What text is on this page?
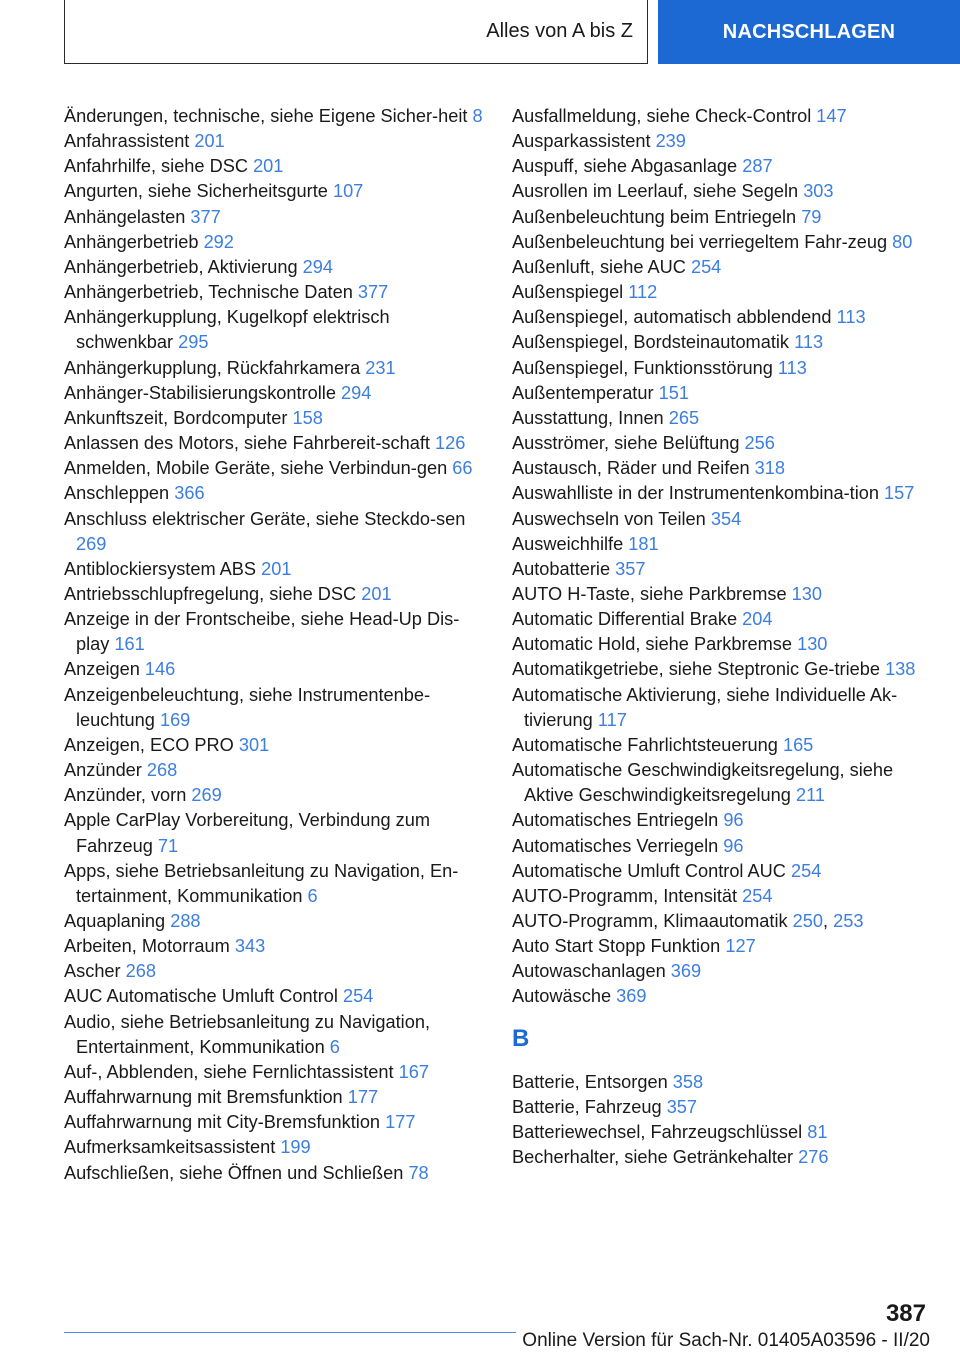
Alles von A bis Z	NACHSCHLAGEN
Änderungen, technische, siehe Eigene Sicher‐heit 8
Anfahrassistent 201
Anfahrhilfe, siehe DSC 201
Angurten, siehe Sicherheitsgurte 107
Anhängelasten 377
Anhängerbetrieb 292
Anhängerbetrieb, Aktivierung 294
Anhängerbetrieb, Technische Daten 377
Anhängerkupplung, Kugelkopf elektrisch schwenkbar 295
Anhängerkupplung, Rückfahrkamera 231
Anhänger-Stabilisierungskontrolle 294
Ankunftszeit, Bordcomputer 158
Anlassen des Motors, siehe Fahrbereit‐schaft 126
Anmelden, Mobile Geräte, siehe Verbindun‐gen 66
Anschleppen 366
Anschluss elektrischer Geräte, siehe Steckdo‐sen 269
Antiblockiersystem ABS 201
Antriebsschlupfregelung, siehe DSC 201
Anzeige in der Frontscheibe, siehe Head-Up Dis‐play 161
Anzeigen 146
Anzeigenbeleuchtung, siehe Instrumentenbe‐leuchtung 169
Anzeigen, ECO PRO 301
Anzünder 268
Anzünder, vorn 269
Apple CarPlay Vorbereitung, Verbindung zum Fahrzeug 71
Apps, siehe Betriebsanleitung zu Navigation, En‐tertainment, Kommunikation 6
Aquaplaning 288
Arbeiten, Motorraum 343
Ascher 268
AUC Automatische Umluft Control 254
Audio, siehe Betriebsanleitung zu Navigation, Entertainment, Kommunikation 6
Auf-, Abblenden, siehe Fernlichtassistent 167
Auffahrwarnung mit Bremsfunktion 177
Auffahrwarnung mit City-Bremsfunktion 177
Aufmerksamkeitsassistent 199
Aufschließen, siehe Öffnen und Schließen 78
Ausfallmeldung, siehe Check-Control 147
Ausparkassistent 239
Auspuff, siehe Abgasanlage 287
Ausrollen im Leerlauf, siehe Segeln 303
Außenbeleuchtung beim Entriegeln 79
Außenbeleuchtung bei verriegeltem Fahr‐zeug 80
Außenluft, siehe AUC 254
Außenspiegel 112
Außenspiegel, automatisch abblendend 113
Außenspiegel, Bordsteinautomatik 113
Außenspiegel, Funktionsstörung 113
Außentemperatur 151
Ausstattung, Innen 265
Ausströmer, siehe Belüftung 256
Austausch, Räder und Reifen 318
Auswahlliste in der Instrumentenkombina‐tion 157
Auswechseln von Teilen 354
Ausweichhilfe 181
Autobatterie 357
AUTO H-Taste, siehe Parkbremse 130
Automatic Differential Brake 204
Automatic Hold, siehe Parkbremse 130
Automatikgetriebe, siehe Steptronic Ge‐triebe 138
Automatische Aktivierung, siehe Individuelle Ak‐tivierung 117
Automatische Fahrlichtsteuerung 165
Automatische Geschwindigkeitsregelung, siehe Aktive Geschwindigkeitsregelung 211
Automatisches Entriegeln 96
Automatisches Verriegeln 96
Automatische Umluft Control AUC 254
AUTO-Programm, Intensität 254
AUTO-Programm, Klimaautomatik 250, 253
Auto Start Stopp Funktion 127
Autowaschanlagen 369
Autowäsche 369
B
Batterie, Entsorgen 358
Batterie, Fahrzeug 357
Batteriewechsel, Fahrzeugschlüssel 81
Becherhalter, siehe Getränkehalter 276
387
Online Version für Sach-Nr. 01405A03596 - II/20
